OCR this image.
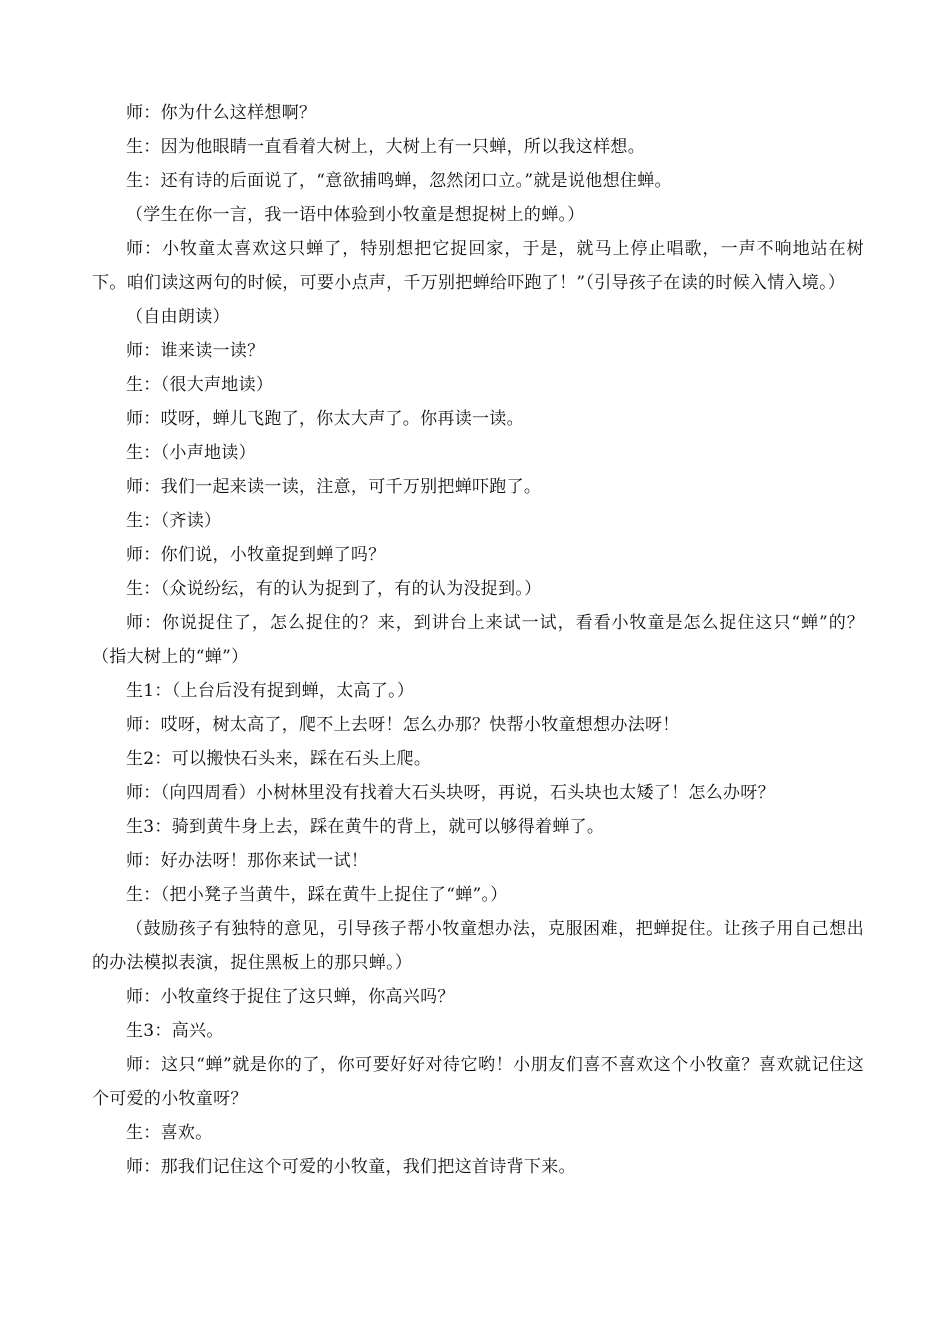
师：你为什么这样想啊？

生：因为他眼睛一直看着大树上，大树上有一只蝉，所以我这样想。

生：还有诗的后面说了，“意欲捕鸣蝉，忽然闭口立。”就是说他想住蝉。

（学生在你一言，我一语中体验到小牧童是想捉树上的蝉。）

师：小牧童太喜欢这只蝉了，特别想把它捉回家，于是，就马上停止唱歌，一声不响地站在树下。咱们读这两句的时候，可要小点声，千万别把蝉给吓跑了！”（引导孩子在读的时候入情入境。）

（自由朗读）

师：谁来读一读？

生：（很大声地读）

师：哎呀，蝉儿飞跑了，你太大声了。你再读一读。

生：（小声地读）

师：我们一起来读一读，注意，可千万别把蝉吓跑了。

生：（齐读）

师：你们说，小牧童捉到蝉了吗？

生：（众说纷纭，有的认为捉到了，有的认为没捉到。）

师：你说捉住了，怎么捉住的？来，到讲台上来试一试，看看小牧童是怎么捉住这只“蝉”的？（指大树上的“蝉”）

生1：（上台后没有捉到蝉，太高了。）

师：哎呀，树太高了，爬不上去呀！怎么办那？快帮小牧童想想办法呀！

生2：可以搬快石头来，踩在石头上爬。

师：（向四周看）小树林里没有找着大石头块呀，再说，石头块也太矮了！怎么办呀？

生3：骑到黄牛身上去，踩在黄牛的背上，就可以够得着蝉了。

师：好办法呀！那你来试一试！

生：（把小凳子当黄牛，踩在黄牛上捉住了“蝉”。）

（鼓励孩子有独特的意见，引导孩子帮小牧童想办法，克服困难，把蝉捉住。让孩子用自己想出的办法模拟表演，捉住黑板上的那只蝉。）

师：小牧童终于捉住了这只蝉，你高兴吗？

生3：高兴。

师：这只“蝉”就是你的了，你可要好好对待它哟！小朋友们喜不喜欢这个小牧童？喜欢就记住这个可爱的小牧童呀？

生：喜欢。

师：那我们记住这个可爱的小牧童，我们把这首诗背下来。
